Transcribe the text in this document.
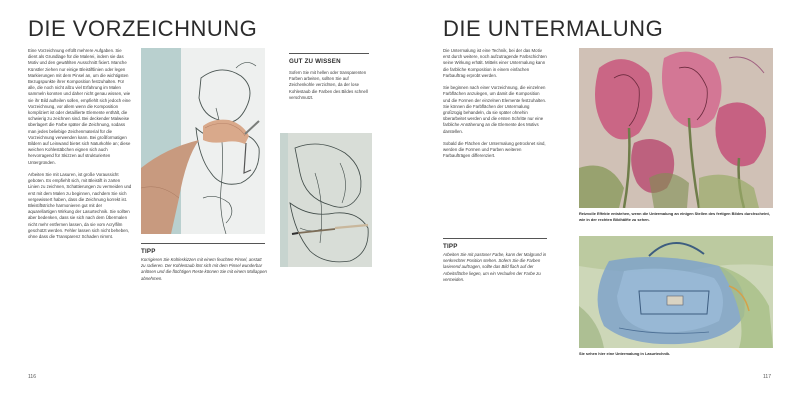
DIE VORZEICHNUNG

Eine Vorzeichnung erfüllt mehrere Aufgaben. Sie dient als Grundlage für die Malerei, indem sie das Motiv und den gewählten Ausschnitt fixiert. Manche Künstler ziehen nur einige Bleistiftlinien oder legen Markierungen mit dem Pinsel an, um die wichtigsten Bezugspunkte ihrer Komposition festzuhalten. Für alle, die noch nicht allzu viel Erfahrung im Malen sammeln konnten und daher nicht genau wissen, wie sie ihr Bild aufteilen sollen, empfiehlt sich jedoch eine Vorzeichnung, vor allem wenn die Komposition kompliziert ist oder detaillierte Elemente enthält, die schwierig zu zeichnen sind. Bei deckender Malweise überlagert die Farbe später die Zeichnung, sodass man jedes beliebige Zeichenmaterial für die Vorzeichnung verwenden kann. Bei großformatigen Bildern auf Leinwand bietet sich Naturkohle an; diese weichen Kohlestäbchen eignen sich auch hervorragend für Skizzen auf strukturierten Untergründen.

Arbeiten Sie mit Lasuren, ist große Voraussicht geboten. Es empfiehlt sich, mit Bleistift in zarten Linien zu zeichnen, Schattierungen zu vermeiden und erst mit dem Malen zu beginnen, nachdem Sie sich vergewissert haben, dass die Zeichnung korrekt ist. Bleistiftstriche harmonieren gut mit der aquarellartigen Wirkung der Lasurtechnik. Sie sollten aber bedenken, dass sie sich nach dem Übermalen nicht mehr entfernen lassen, da sie vom Acrylfilm geschützt werden. Fehler lassen sich nicht beheben, ohne dass die Transparenz Schaden nimmt.

GUT ZU WISSEN
Sofern Sie mit hellen oder transparenten Farben arbeiten, sollten Sie auf Zeichenkohle verzichten, da der lose Kohlestaub die Farben des Bildes schnell verschmutzt.
TIPP
Korrigieren Sie Kohleskizzen mit einem feuchten Pinsel, anstatt zu radieren. Der Kohlestaub löst sich mit dem Pinsel wunderbar anlösen und die flüchtigen Reste können Sie mit einem Mallappen abnehmen.
116
DIE UNTERMALUNG

Die Untermalung ist eine Technik, bei der das Motiv erst durch weitere, noch aufzutragende Farbschichten seine Wirkung erhält. Mittels einer Untermalung kann die farbliche Komposition in einem einfachen Farbauftrag erprobt werden.

Sie beginnen nach einer Vorzeichnung, die einzelnen Farbflächen anzulegen, um damit die Komposition und die Formen der einzelnen Elemente festzuhalten. Sie können die Farbflächen der Untermalung großzügig behandeln, da sie später ohnehin überarbeitet werden und die ersten Schritte nur eine farbliche Annäherung an die Elemente des Motivs darstellen.

Sobald die Flächen der Untermalung getrocknet sind, werden die Formen und Farben weiteren Farbaufträgen differenziert.

Reizvolle Effekte entstehen, wenn die Untermalung an einigen Stellen des fertigen Bildes durchscheint, wie in der rechten Bildhälfte zu sehen.
Sie sehen hier eine Untermalung in Lasurtechnik.
TIPP
Arbeiten Sie mit pastoser Farbe, kann der Malgrund in senkrechter Position stehen. Sofern Sie die Farben lasierend auftragen, sollte das Bild flach auf der Arbeitsfläche liegen, um ein Verlaufen der Farbe zu vermeiden.
117
